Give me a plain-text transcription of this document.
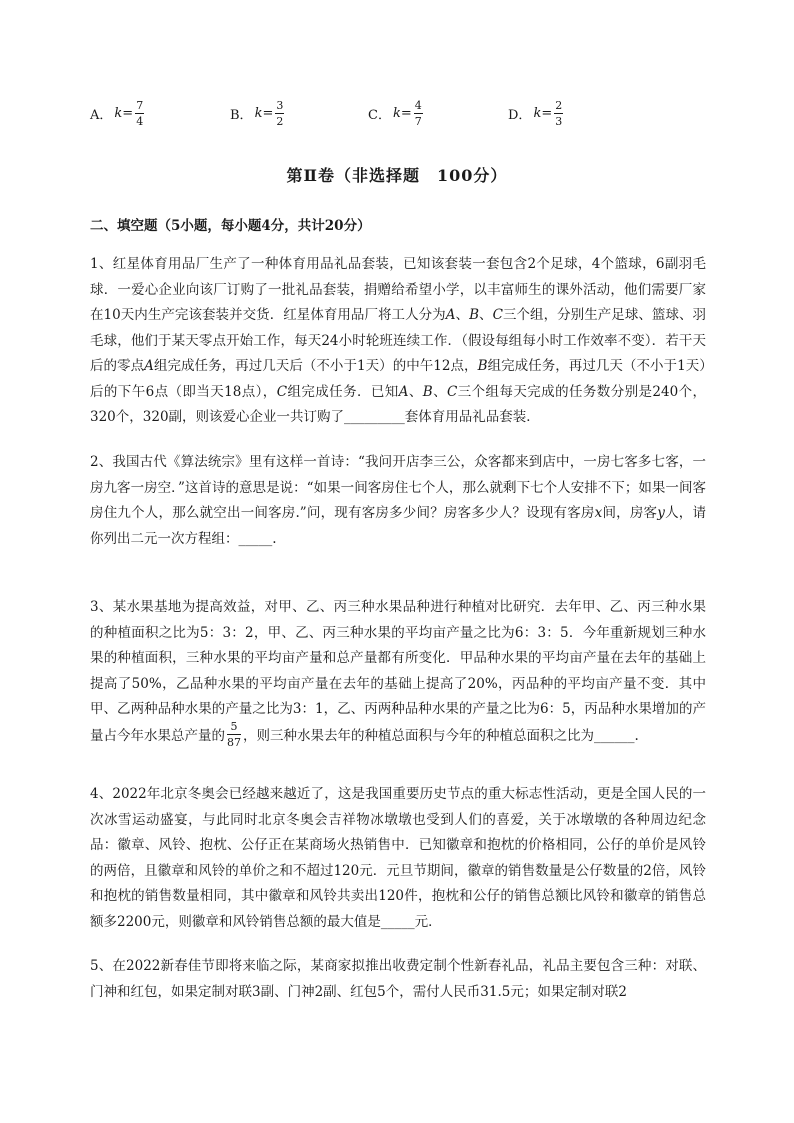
A． $k = \frac{7}{4}$	B． $k = \frac{3}{2}$	C． $k = \frac{4}{7}$	D． $k = \frac{2}{3}$
第Ⅱ卷（非选择题　100分）
二、填空题（5小题，每小题4分，共计20分）

1、红星体育用品厂生产了一种体育用品礼品套装，已知该套装一套包含2个足球，4个篮球，6副羽毛球．一爱心企业向该厂订购了一批礼品套装，捐赠给希望小学，以丰富师生的课外活动，他们需要厂家在10天内生产完该套装并交货．红星体育用品厂将工人分为A、B、C三个组，分别生产足球、篮球、羽毛球，他们于某天零点开始工作，每天24小时轮班连续工作．（假设每组每小时工作效率不变）．若干天后的零点A组完成任务，再过几天后（不小于1天）的中午12点，B组完成任务，再过几天（不小于1天）后的下午6点（即当天18点），C组完成任务．已知A、B、C三个组每天完成的任务数分别是240个，320个，320副，则该爱心企业一共订购了_________套体育用品礼品套装．

2、我国古代《算法统宗》里有这样一首诗：“我问开店李三公，众客都来到店中，一房七客多七客，一房九客一房空．”这首诗的意思是说：“如果一间客房住七个人，那么就剩下七个人安排不下；如果一间客房住九个人，那么就空出一间客房.”问，现有客房多少间？房客多少人？设现有客房x间，房客y人，请你列出二元一次方程组：_____.

3、某水果基地为提高效益，对甲、乙、丙三种水果品种进行种植对比研究．去年甲、乙、丙三种水果的种植面积之比为5：3：2，甲、乙、丙三种水果的平均亩产量之比为6：3：5．今年重新规划三种水果的种植面积，三种水果的平均亩产量和总产量都有所变化．甲品种水果的平均亩产量在去年的基础上提高了50%，乙品种水果的平均亩产量在去年的基础上提高了20%，丙品种的平均亩产量不变．其中甲、乙两种品种水果的产量之比为3：1，乙、丙两种品种水果的产量之比为6：5，丙品种水果增加的产量占今年水果总产量的 $\frac{5}{87}$ ，则三种水果去年的种植总面积与今年的种植总面积之比为______.

4、2022年北京冬奥会已经越来越近了，这是我国重要历史节点的重大标志性活动，更是全国人民的一次冰雪运动盛宴，与此同时北京冬奥会吉祥物冰墩墩也受到人们的喜爱，关于冰墩墩的各种周边纪念品：徽章、风铃、抱枕、公仔正在某商场火热销售中．已知徽章和抱枕的价格相同，公仔的单价是风铃的两倍，且徽章和风铃的单价之和不超过120元．元旦节期间，徽章的销售数量是公仔数量的2倍，风铃和抱枕的销售数量相同，其中徽章和风铃共卖出120件，抱枕和公仔的销售总额比风铃和徽章的销售总额多2200元，则徽章和风铃销售总额的最大值是_____元．

5、在2022新春佳节即将来临之际，某商家拟推出收费定制个性新春礼品，礼品主要包含三种：对联、门神和红包，如果定制对联3副、门神2副、红包5个，需付人民币31.5元；如果定制对联2
